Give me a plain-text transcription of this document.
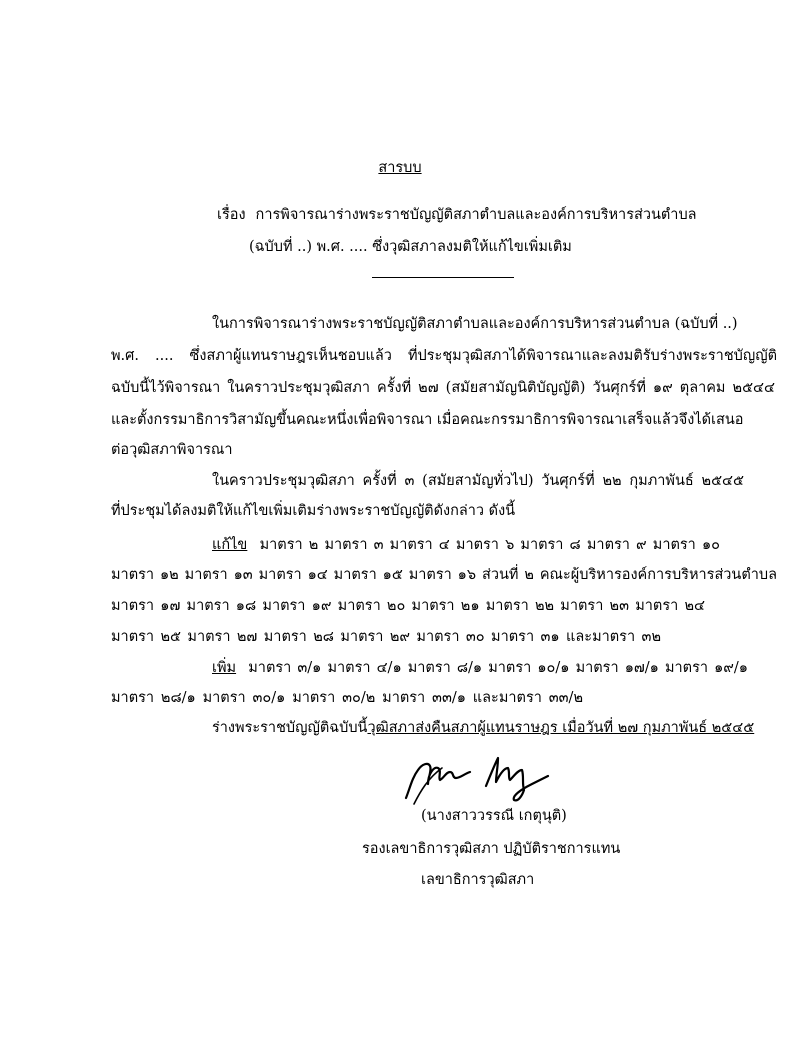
สารบบ
เรื่อง การพิจารณาร่างพระราชบัญญัติสภาตำบลและองค์การบริหารส่วนตำบล
(ฉบับที่ ..) พ.ศ. .... ซึ่งวุฒิสภาลงมติให้แก้ไขเพิ่มเติม
ในการพิจารณาร่างพระราชบัญญัติสภาตำบลและองค์การบริหารส่วนตำบล (ฉบับที่ ..)
พ.ศ. .... ซึ่งสภาผู้แทนราษฎรเห็นชอบแล้ว ที่ประชุมวุฒิสภาได้พิจารณาและลงมติรับร่างพระราชบัญญัติ
ฉบับนี้ไว้พิจารณา ในคราวประชุมวุฒิสภา ครั้งที่ ๒๗ (สมัยสามัญนิติบัญญัติ) วันศุกร์ที่ ๑๙ ตุลาคม ๒๕๔๔
และตั้งกรรมาธิการวิสามัญขึ้นคณะหนึ่งเพื่อพิจารณา เมื่อคณะกรรมาธิการพิจารณาเสร็จแล้วจึงได้เสนอ
ต่อวุฒิสภาพิจารณา
ในคราวประชุมวุฒิสภา ครั้งที่ ๓ (สมัยสามัญทั่วไป) วันศุกร์ที่ ๒๒ กุมภาพันธ์ ๒๕๔๕
ที่ประชุมได้ลงมติให้แก้ไขเพิ่มเติมร่างพระราชบัญญัติดังกล่าว ดังนี้
แก้ไข มาตรา ๒ มาตรา ๓ มาตรา ๔ มาตรา ๖ มาตรา ๘ มาตรา ๙ มาตรา ๑๐
มาตรา ๑๒ มาตรา ๑๓ มาตรา ๑๔ มาตรา ๑๕ มาตรา ๑๖ ส่วนที่ ๒ คณะผู้บริหารองค์การบริหารส่วนตำบล
มาตรา ๑๗ มาตรา ๑๘ มาตรา ๑๙ มาตรา ๒๐ มาตรา ๒๑ มาตรา ๒๒ มาตรา ๒๓ มาตรา ๒๔
มาตรา ๒๕ มาตรา ๒๗ มาตรา ๒๘ มาตรา ๒๙ มาตรา ๓๐ มาตรา ๓๑ และมาตรา ๓๒
เพิ่ม มาตรา ๓/๑ มาตรา ๔/๑ มาตรา ๘/๑ มาตรา ๑๐/๑ มาตรา ๑๗/๑ มาตรา ๑๙/๑
มาตรา ๒๘/๑ มาตรา ๓๐/๑ มาตรา ๓๐/๒ มาตรา ๓๓/๑ และมาตรา ๓๓/๒
ร่างพระราชบัญญัติฉบับนี้วุฒิสภาส่งคืนสภาผู้แทนราษฎร เมื่อวันที่ ๒๗ กุมภาพันธ์ ๒๕๔๕
(นางสาววรรณี เกตุนุติ)
รองเลขาธิการวุฒิสภา ปฏิบัติราชการแทน
เลขาธิการวุฒิสภา
